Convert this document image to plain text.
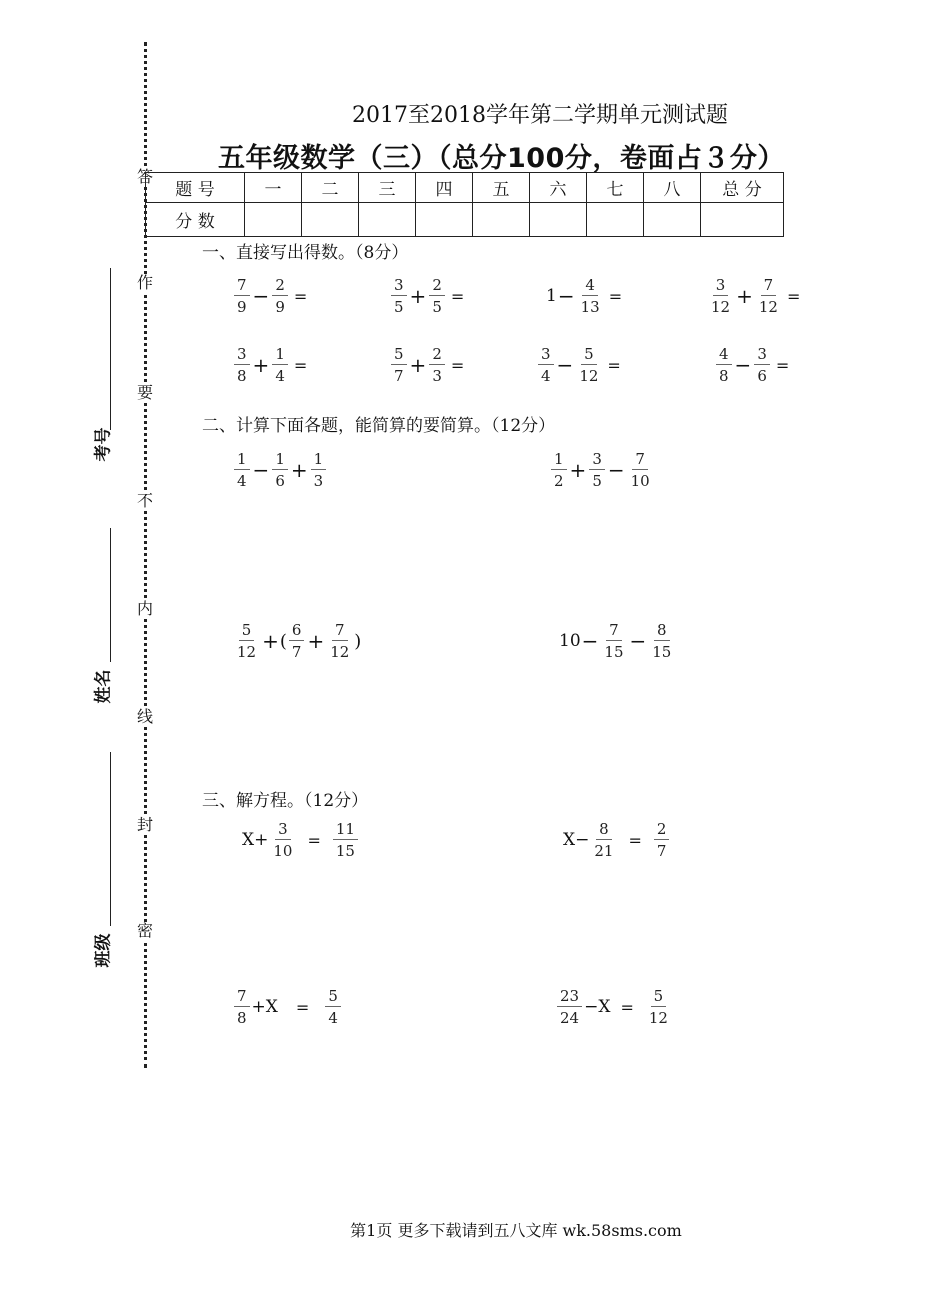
答
作
要
不
内
线
封
密
考号
姓名
班级
2017至2018学年第二学期单元测试题
五年级数学（三）（总分100分，卷面占３分）
题 号	一	二	三	四	五	六	七	八	总 分
分 数									
一、直接写出得数。（8分）
$\frac{7}{9} - \frac{2}{9}$ =	$\frac{3}{5} + \frac{2}{5}$ =	$1 - \frac{4}{13}$ =	$\frac{3}{12} + \frac{7}{12}$ =
$\frac{3}{8} + \frac{1}{4}$ =	$\frac{5}{7} + \frac{2}{3}$ =	$\frac{3}{4} - \frac{5}{12}$ =	$\frac{4}{8} - \frac{3}{6}$ =
二、计算下面各题，能简算的要简算。（12分）
$\frac{1}{4} - \frac{1}{6} + \frac{1}{3}$	$\frac{1}{2} + \frac{3}{5} - \frac{7}{10}$
$\frac{5}{12}$ + ( $\frac{6}{7} + \frac{7}{12}$ )	$10 - \frac{7}{15} - \frac{8}{15}$
三、解方程。（12分）
$X+ \frac{3}{10} = \frac{11}{15}$	$X- \frac{8}{21} = \frac{2}{7}$
$\frac{7}{8} +X = \frac{5}{4}$	$\frac{23}{24} -X = \frac{5}{12}$
第1页 更多下载请到五八文库 wk.58sms.com
